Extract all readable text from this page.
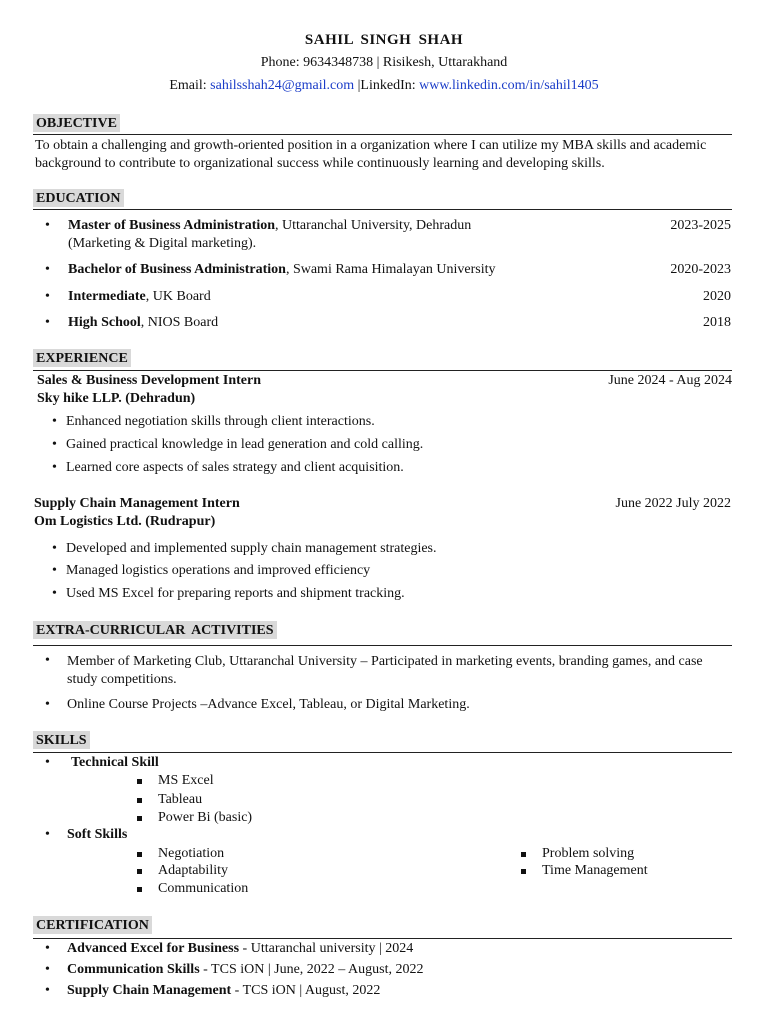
SAHIL SINGH SHAH
Phone: 9634348738 | Risikesh, Uttarakhand
Email: sahilsshah24@gmail.com |LinkedIn: www.linkedin.com/in/sahil1405
OBJECTIVE
To obtain a challenging and growth-oriented position in a organization where I can utilize my MBA skills and academic background to contribute to organizational success while continuously learning and developing skills.
EDUCATION
• Master of Business Administration, Uttaranchal University, Dehradun
(Marketing & Digital marketing).
2023-2025
• Bachelor of Business Administration, Swami Rama Himalayan University	2020-2023
• Intermediate, UK Board	2020
• High School, NIOS Board	2018
EXPERIENCE
Sales & Business Development Intern	June 2024 - Aug 2024
Sky hike LLP. (Dehradun)
• Enhanced negotiation skills through client interactions.
• Gained practical knowledge in lead generation and cold calling.
• Learned core aspects of sales strategy and client acquisition.
Supply Chain Management Intern	June 2022 July 2022
Om Logistics Ltd. (Rudrapur)
• Developed and implemented supply chain management strategies.
• Managed logistics operations and improved efficiency
• Used MS Excel for preparing reports and shipment tracking.
EXTRA-CURRICULAR ACTIVITIES
• Member of Marketing Club, Uttaranchal University – Participated in marketing events, branding games, and case study competitions.
• Online Course Projects –Advance Excel, Tableau, or Digital Marketing.
SKILLS
• Technical Skill
MS Excel
Tableau
Power Bi (basic)
• Soft Skills
Negotiation
Adaptability
Communication
Problem solving
Time Management
CERTIFICATION
• Advanced Excel for Business - Uttaranchal university | 2024
• Communication Skills - TCS iON | June, 2022 – August, 2022
• Supply Chain Management - TCS iON | August, 2022
